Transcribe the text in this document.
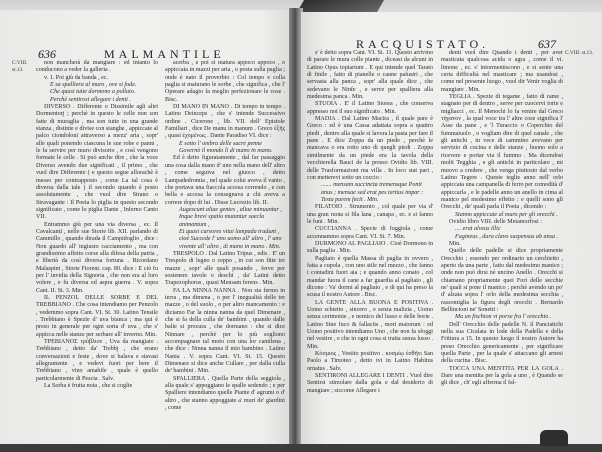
636	MALMANTILE
C.VIII. st.13.

non mancherà da mangiare : ed intanto lo conducono a veder la galleria .

v. 1. Poi giù da banda , ec.

E sa spalliera al muro , ove si fode.

Che quasi tutte dormono a pollaio.

Perchè sentirosi allegare i denti .

DIVERSO . Differente o Dissimile agli altri Dormentorj ; perchè in questo le celle non son fatte di muraglia , ma son tutte in una grande stanza , distinte e divise con stanghe , appiccate al palco ciondoloni attraverso a mezz' aria , sopr' alle quali ponendo ciascuna le sue robe e panni , le fa servire per muro divisorio , e così vengono formate le celle . Si può anche dire , che la voce Diverso avendo due significati , il primo , che vuol dire Differente ( e questo segue allorachè è messo per contrapposto , come La tal cosa è diversa dalla tale ) il secondo quando è posto assolutamente , che vuol dire Strano o Stravagante : Il Poeta lo piglia in questo secondo significato , come lo piglia Dante , Inferno Canto VII.

Entrammo giù per una via diversa , ec. Il Cavalcanti , nelle sue Storie lib. XII. parlando di Cammillo , quando dirada il Campidoglio , dice : Non guardo all' ingiusto cacciamento , ma con grandissimo affetto corse alla difesa della patria , e libertà da così diversa fortuna . Ricordano Malaspini , Storie Fiorent. cap. 80. dice : E ciò fu per l' invidia della Signoria , che non era al loro volere , e fu diversa ed aspra guerra . V. sopra Cant. II. St. 3. Min.

IL PENZOL DELLE SORBE E DEL TREBBIANO . Che cosa intendiamo per Penzolo , vedemmo sopra Cant. VI. St. 30. Latino Tensile . Trebbiano è Spezie d' uva bianca ; ma qui è preso in generale per ogni sorta d' uva , che s' appicca nelle stanze per serbare all' inverno. Min.

ΤΡΕΒΙΑΝΟΣ τρύβλιον , Uva da mangiare . Trebbiano , detto da' Trebbj , che erano conversazioni e feste , dove si balava e stavasi allegramente , e vedevi fuori per bere il Trebbiano , vino amabile , quale è quello particolarmente di Pescia . Salv.

La Sorba è frutta nota , che si coglie

acerba , e poi si matura appoco appoco , o appiccata in mazzi per aria , o posta sulla paglia ; onde è nato il proverbio : Col tempo e colla paglia si maturano le sorbe , che significa , che l' Operare adagio fa meglio perfezionare le cose . Bisc.

DI MANO IN MANO . Di tempo in tempo . Latino Deinceps , che s' intende Successivo ordine . Cicerone , lib. VII. dell' Epistole Familiari , dice De manu in manum . Greco ἐξῆς , quasi ἐχομένως . Dante Paradiso VI. dice :

E sotto l' ombra delle sacre penne

Governò il mondo lì di mano in mano.

Ed è detto figuratamente , dal far passaggio una cosa dalla mano d' uno nella mano dell' altro , come seguiva nel giuoco , detto Lampadedromia , nel quale colui aveva il vanto , che portava una fiaccola accesa correndo , e con bella e accesa la consegnava a chi aveva a correre dopo di lui . Disse Lucrezio lib. II.

Augescunt aliae gentes , aliae minuuntur , Inque brevi spatio mutantur saecla animantum ,

Et quasi cursores vitai lampada tradunt , cioè Succede l' uno uomo all' altro , l' uno viventе all' altro , di mano in mano . Min.

TRESPOLO . Dal Latino Tripus , edis . E' un Trespolo di legno o ceppo , in cui son fitte tre mazze , sopr' alle quali posando , ferve per sostenere tavole o deschi , da' Latini detto Trapezophorus , quasi Mensam ferens . Min.

FA LA NINNA NANNA . Non sta fermo in terra , ma dimena , o per l' inegualità delle tre mazze , o del suolo , o per altro mancamento : e diciamo Far la ninna nanna da quel Dimenare , che si fa della culla de' bambini , quando dalle balie si procura , che dormano : che si dice Ninnare , perchè per lo più sogliono accompagnare tal moto con una lor cantilena , che dice : Ninna nanna il mio bambino . Latino Nania . V. sopra Cant. VI. St. 15. Questo Dimenare si dice anche Cullare , per dalla culla de' bambini . Min.

SPALLIERA . Quella Parte della seggiola , alla quale s' appoggiano le spalle sedendo ; e per Spalliere intendiamo quelle Piante d' agrumi o d' altro , che stanno appoggiate a' muri de' giardini , come

RACQUISTATO.	637

s' è detto sopra Cant. VI. St. 11. Questo arrivino di parare le mura colle piante , diceasi da alcuni in Latino Opus topiarium . E qui intende quel Tarato di finile , fatto di pianelle o canne palustri , che servasta alla panca , sopr' alla quale dice , che sedevano le Ninfe , e serve per spalliera alla medesima panca . Min.

STUOIA . E' il Latino Storea , che conserva appresso noi il suo significato . Min.

MADIA . Dal Latino Mactra , il quale pare è Greco : ed è una Cassa adattata sopra a quattro piedi , dentro alla quale si lavora la pasta per fare il pane . E dice Zoppa da un piede , perchè le mancava o era rotto uno di quegli piedi . Zoppa similmente da un piede era la tavola della vecchierella Bauci de la presso Ovidio lib. VIII. delle Trasformazioni ma villa . In loco stat pari , con metterevi sotto un coccio :

....... mensam succincta tremensque Ponit anus ; mensae sed erat pes tertius impar :

Testa parem fecit . Min.

FILATOIO . Strumento , col quale per via d' una gran ruota si fila lana , canapa , ec. e si fanno le funi . Min.

CUCCIANNA . Specie di foggiola , come accennammo sopra Cant. VI. St. 7. Min.

DURMONO AL PAGLIAIO . Cioè Dormono in sulla paglia . Min.

Pagliaio è quella Massa di paglia in ovvero , fatta a cupola , con uno stile nel mezzo , che fanno i contadini fuori aia ; e quando anno conato , col mandar fuora il cane a far guardia al pagliaio , gli dicono : Va' dormi al pagliaio , e di qui ha preso la scusa il nostro Autore . Bisc.

LA GENTE ALLA BUONA E POSITIVA . Uomo schietto , sincero , e senza malizia , Uomo senza cerimonie , e nemico del lusso e delle borie . Latino Sine fuco & fallaciis , mori maiorum : ed Uomo positivo intendiamo Uno , che non fa sfoggi nel vestire , e che in ogni cosa si tratta senza lusso . Min.

Κόσμιος , Vestito positivo . κοσμίῳ ἐσθῆτι San Paolo a Timoteo , detto ivi in Latino Habitus ornatus . Salv.

SENTIRONI ALLEGARE I DENTI . Vuol dire Sentirsi stimolare dalla gola e dal desiderio di mangiare ; siccome Allegare i

denti vuol dire Quando i denti , per aver masticata qualcosa acida o agra , come il vi. limone , ec. s' intormentiscono , e si sente una certa difficultà nel masticare ; ma usandosi , come nel presente luogo , vuol dir Venir voglia di mangiare . Min.

TEGLIA . Spezie di tegame , fatto di rame , stagnato per di dentro , serve per cuocervi torte e migliacci , ec. Il Menochi lo fa venire dal Greco τήγανον , la qual voce tra l' altre cose significa l' Asse da pane , e 'l Turaccio o Coperchio del fummaiuolo , o vogliam dire di quel canale , che gli antichi , in vece di cammino avevano per servizio di cucina e delle stanze , buono solo a ricevere e portar via il fummo . Ma dicendosi molti Tegghia , e gli antichi in particolare , mi muovo a credere , che venga piuttosto dal verbo Latino Tegere . Queste teglie anno nell' orlo appiccata una campanella di ferro per comodità d' appiccarla , e le padelle anno un anello in cima al manico pel medesimo effetto : e quelli sono gli Orecchi , de' quali parla il Poeta , dicendo :

Stanno appiccate al muro per gli orecchi .

Ovidio libro VIII. delle Metamorfosi :

.... erat alveus illic

Fagineus , dura clavo suspensus ab ansa .

Min.

Quello delle padelle si dice propriamente Orecchio ; essendo per ordinario un cerchietto , aperto da una parte , fatto dal medesimo manico ; onde non può dirsi nè uncino Anello . Orecchi si chiamano propriamente quei Fori delle secchie ne' quali si pone il manico ; perchè avendo un po' d' alzata sopra l' orlo della medesima secchia , rassomiglia la figura degli orecchi . Bernardo Bellincioni ne' Sonetti :

Ma un fischion vi porse fra l' orecchio .

Dell' Orecchio delle padelle N. il Panciatichi nella sua Cicalata in lode della Padella e della Frittura a 15. In questo luogo il nostro Autore ha preso Orecchio genericamente , per significare quella Parte , per la quale s' attaccano gli arnesi della cucina . Bisc.

TOCCA UNA MENTITA PER LA GOLA . Dare una mentita per la gola a uno , è Quando se gli dice , ch' egli afferma il fal-

C.VIII. st.13.
